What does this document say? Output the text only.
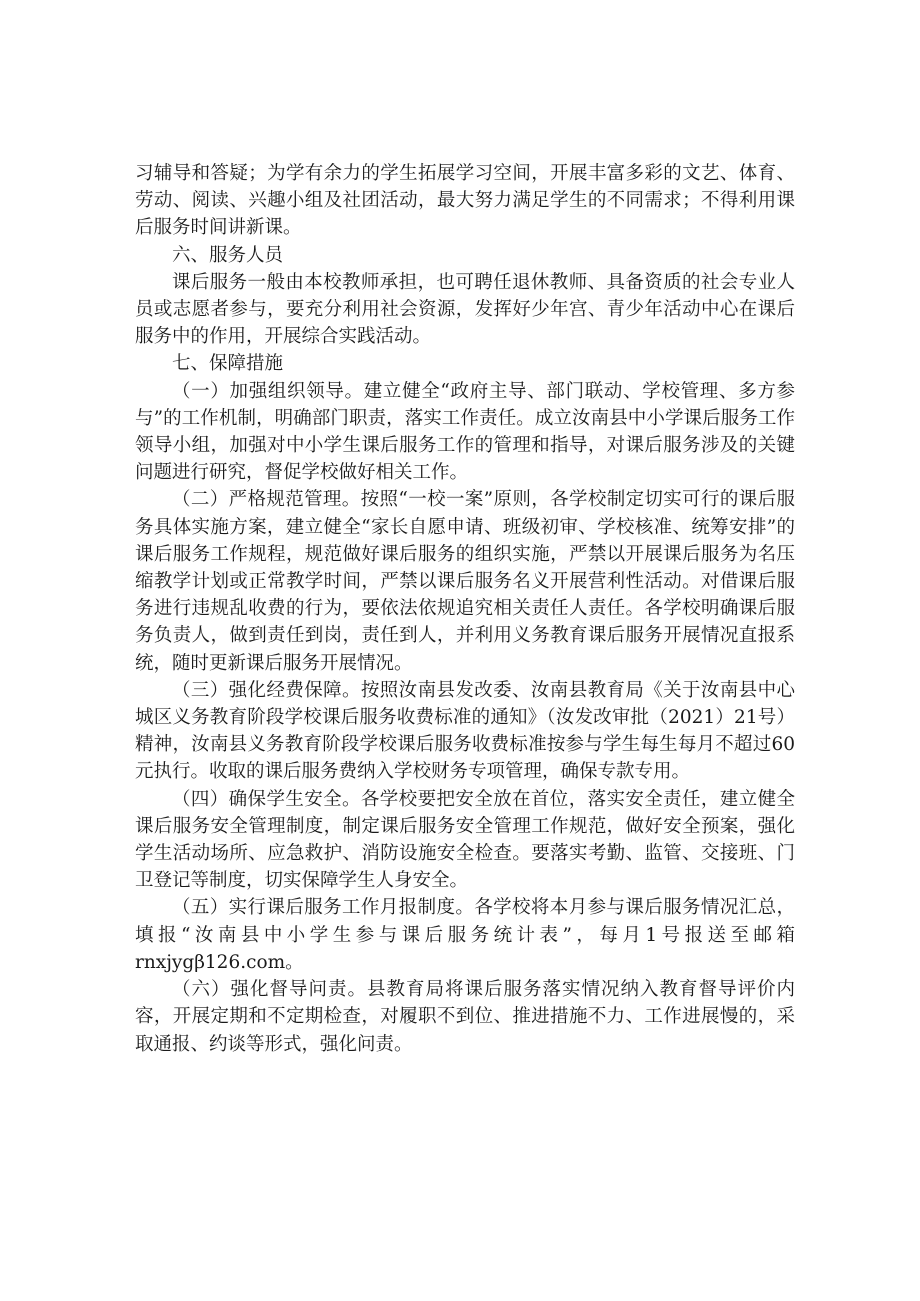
习辅导和答疑；为学有余力的学生拓展学习空间，开展丰富多彩的文艺、体育、劳动、阅读、兴趣小组及社团活动，最大努力满足学生的不同需求；不得利用课后服务时间讲新课。

六、服务人员

课后服务一般由本校教师承担，也可聘任退休教师、具备资质的社会专业人员或志愿者参与，要充分利用社会资源，发挥好少年宫、青少年活动中心在课后服务中的作用，开展综合实践活动。

七、保障措施

（一）加强组织领导。建立健全“政府主导、部门联动、学校管理、多方参与”的工作机制，明确部门职责，落实工作责任。成立汝南县中小学课后服务工作领导小组，加强对中小学生课后服务工作的管理和指导，对课后服务涉及的关键问题进行研究，督促学校做好相关工作。

（二）严格规范管理。按照“一校一案”原则，各学校制定切实可行的课后服务具体实施方案，建立健全“家长自愿申请、班级初审、学校核准、统筹安排”的课后服务工作规程，规范做好课后服务的组织实施，严禁以开展课后服务为名压缩教学计划或正常教学时间，严禁以课后服务名义开展营利性活动。对借课后服务进行违规乱收费的行为，要依法依规追究相关责任人责任。各学校明确课后服务负责人，做到责任到岗，责任到人，并利用义务教育课后服务开展情况直报系统，随时更新课后服务开展情况。

（三）强化经费保障。按照汝南县发改委、汝南县教育局《关于汝南县中心城区义务教育阶段学校课后服务收费标准的通知》（汝发改审批（2021）21号）精神，汝南县义务教育阶段学校课后服务收费标准按参与学生每生每月不超过60元执行。收取的课后服务费纳入学校财务专项管理，确保专款专用。

（四）确保学生安全。各学校要把安全放在首位，落实安全责任，建立健全课后服务安全管理制度，制定课后服务安全管理工作规范，做好安全预案，强化学生活动场所、应急救护、消防设施安全检查。要落实考勤、监管、交接班、门卫登记等制度，切实保障学生人身安全。

（五）实行课后服务工作月报制度。各学校将本月参与课后服务情况汇总，填报“汝南县中小学生参与课后服务统计表”，每月1号报送至邮箱rnxjygβ126.com。

（六）强化督导问责。县教育局将课后服务落实情况纳入教育督导评价内容，开展定期和不定期检查，对履职不到位、推进措施不力、工作进展慢的，采取通报、约谈等形式，强化问责。
